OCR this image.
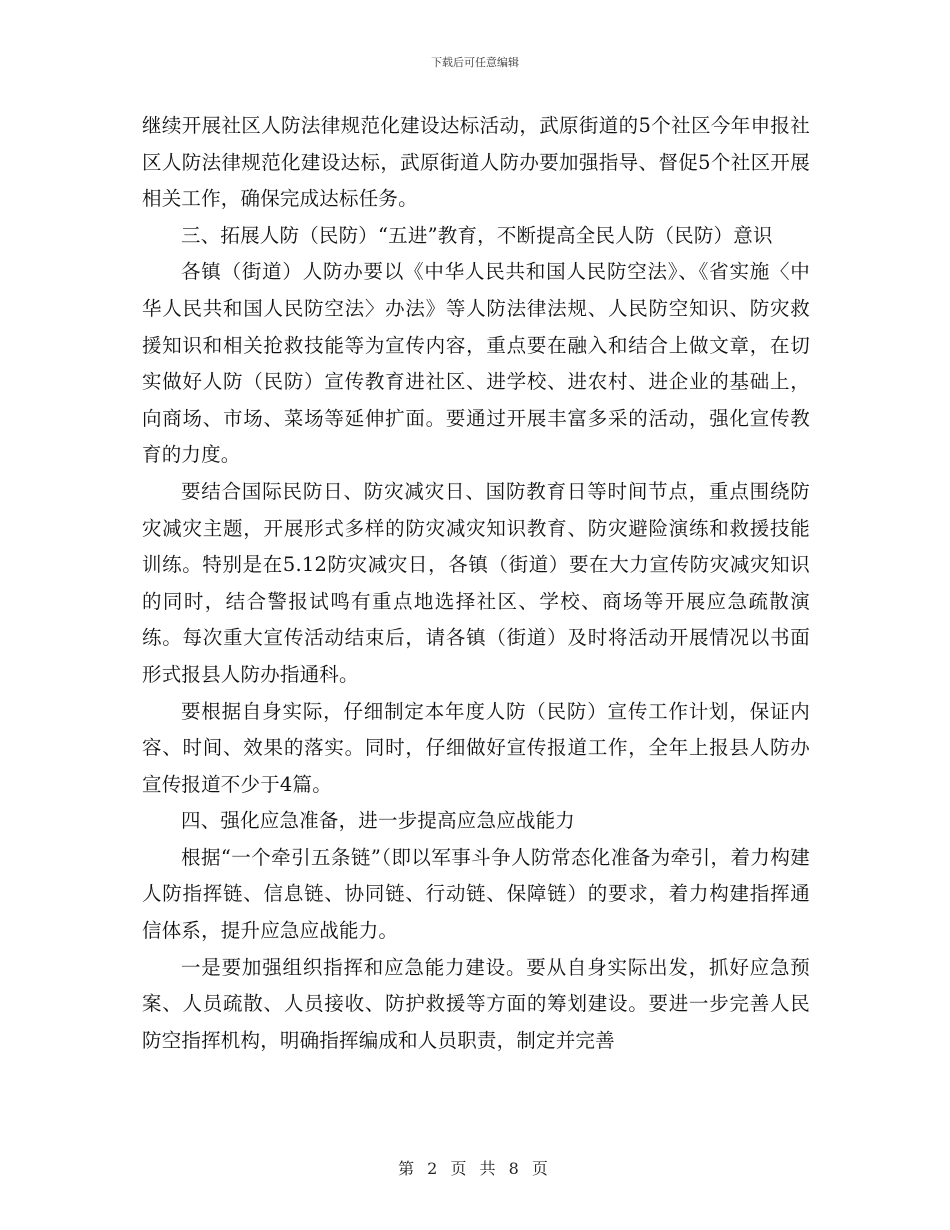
下载后可任意编辑

继续开展社区人防法律规范化建设达标活动，武原街道的5个社区今年申报社区人防法律规范化建设达标，武原街道人防办要加强指导、督促5个社区开展相关工作，确保完成达标任务。

三、拓展人防（民防）“五进”教育，不断提高全民人防（民防）意识

各镇（街道）人防办要以《中华人民共和国人民防空法》、《省实施〈中华人民共和国人民防空法〉办法》等人防法律法规、人民防空知识、防灾救援知识和相关抢救技能等为宣传内容，重点要在融入和结合上做文章，在切实做好人防（民防）宣传教育进社区、进学校、进农村、进企业的基础上，向商场、市场、菜场等延伸扩面。要通过开展丰富多采的活动，强化宣传教育的力度。

要结合国际民防日、防灾减灾日、国防教育日等时间节点，重点围绕防灾减灾主题，开展形式多样的防灾减灾知识教育、防灾避险演练和救援技能训练。特别是在5.12防灾减灾日，各镇（街道）要在大力宣传防灾减灾知识的同时，结合警报试鸣有重点地选择社区、学校、商场等开展应急疏散演练。每次重大宣传活动结束后，请各镇（街道）及时将活动开展情况以书面形式报县人防办指通科。

要根据自身实际，仔细制定本年度人防（民防）宣传工作计划，保证内容、时间、效果的落实。同时，仔细做好宣传报道工作，全年上报县人防办宣传报道不少于4篇。

四、强化应急准备，进一步提高应急应战能力

根据“一个牵引五条链”（即以军事斗争人防常态化准备为牵引，着力构建人防指挥链、信息链、协同链、行动链、保障链）的要求，着力构建指挥通信体系，提升应急应战能力。

一是要加强组织指挥和应急能力建设。要从自身实际出发，抓好应急预案、人员疏散、人员接收、防护救援等方面的筹划建设。要进一步完善人民防空指挥机构，明确指挥编成和人员职责，制定并完善

第 2 页 共 8 页
